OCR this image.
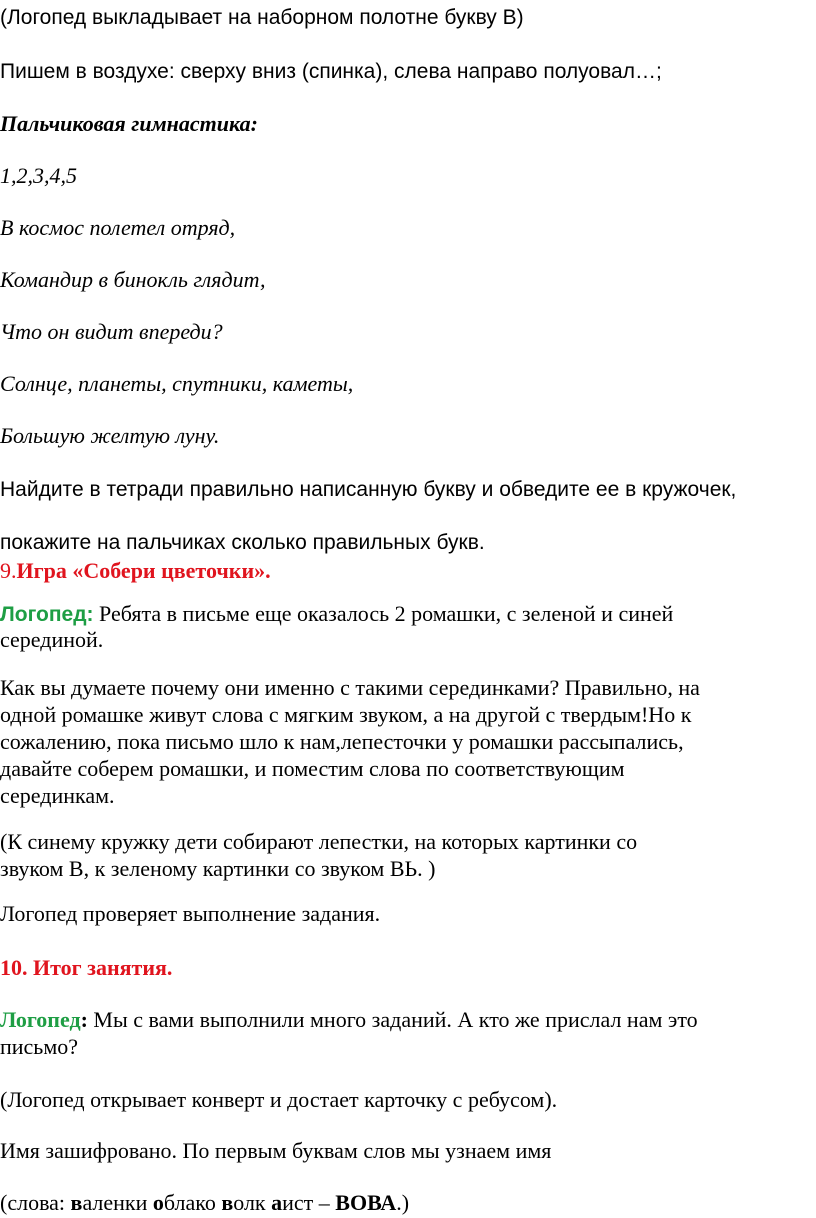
(Логопед выкладывает на наборном полотне букву В)
Пишем в воздухе: сверху вниз (спинка), слева направо полуовал…;
Пальчиковая гимнастика:
1,2,3,4,5
В космос полетел отряд,
Командир в бинокль глядит,
Что он видит впереди?
Солнце, планеты, спутники, каметы,
Большую желтую луну.
Найдите в тетради правильно написанную букву и обведите ее в кружочек,
покажите на пальчиках сколько правильных букв.
9.Игра «Собери цветочки».
Логопед: Ребята в письме еще оказалось 2 ромашки, с зеленой и синей
серединой.
Как вы думаете почему они именно с такими серединками? Правильно, на
одной ромашке живут слова с мягким звуком, а на другой с твердым!Но к
сожалению, пока письмо шло к нам,лепесточки у ромашки рассыпались,
давайте соберем ромашки, и поместим слова по соответствующим
серединкам.
(К синему кружку дети собирают лепестки, на которых картинки со
звуком В, к зеленому картинки со звуком ВЬ. )
Логопед проверяет выполнение задания.
10. Итог занятия.
Логопед: Мы с вами выполнили много заданий. А кто же прислал нам это
письмо?
(Логопед открывает конверт и достает карточку с ребусом).
Имя зашифровано. По первым буквам слов мы узнаем имя
(слова: валенки облако волк аист – ВОВА.)
